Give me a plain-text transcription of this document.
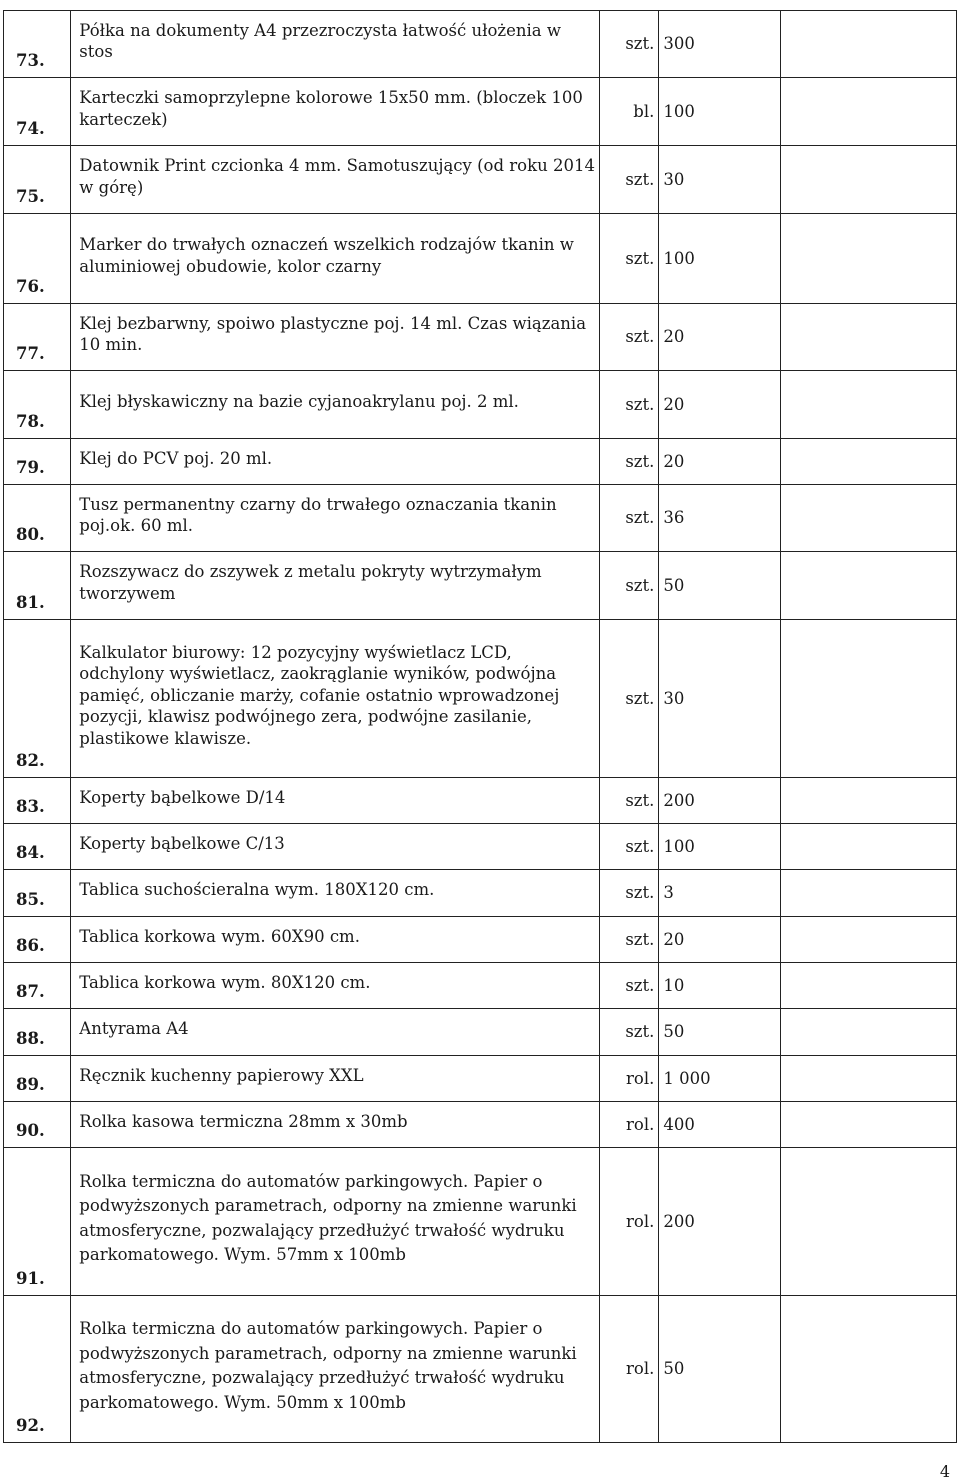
73.	Półka na dokumenty A4 przezroczysta łatwość ułożenia w stos	szt.	300		
74.	Karteczki samoprzylepne kolorowe 15x50 mm. (bloczek 100 karteczek)	bl.	100		
75.	Datownik Print czcionka 4 mm. Samotuszujący (od roku 2014 w górę)	szt.	30		
76.	Marker do trwałych oznaczeń wszelkich rodzajów tkanin w aluminiowej obudowie, kolor czarny	szt.	100		
77.	Klej bezbarwny, spoiwo plastyczne poj. 14 ml. Czas wiązania 10 min.	szt.	20		
78.	Klej błyskawiczny na bazie cyjanoakrylanu poj. 2 ml.	szt.	20		
79.	Klej do PCV poj. 20 ml.	szt.	20		
80.	Tusz permanentny czarny do trwałego oznaczania tkanin poj.ok. 60 ml.	szt.	36		
81.	Rozszywacz do zszywek z metalu pokryty wytrzymałym tworzywem	szt.	50		
82.	Kalkulator biurowy: 12 pozycyjny wyświetlacz LCD, odchylony wyświetlacz, zaokrąglanie wyników, podwójna pamięć, obliczanie marży, cofanie ostatnio wprowadzonej pozycji, klawisz podwójnego zera, podwójne zasilanie, plastikowe klawisze.	szt.	30		
83.	Koperty bąbelkowe D/14	szt.	200		
84.	Koperty bąbelkowe C/13	szt.	100		
85.	Tablica suchościeralna wym. 180X120 cm.	szt.	3		
86.	Tablica korkowa wym. 60X90 cm.	szt.	20		
87.	Tablica korkowa wym. 80X120 cm.	szt.	10		
88.	Antyrama A4	szt.	50		
89.	Ręcznik kuchenny papierowy XXL	rol.	1 000		
90.	Rolka kasowa termiczna 28mm x 30mb	rol.	400		
91.	Rolka termiczna do automatów parkingowych. Papier o podwyższonych parametrach, odporny na zmienne warunki atmosferyczne, pozwalający przedłużyć trwałość wydruku parkomatowego. Wym. 57mm x 100mb	rol.	200		
92.	Rolka termiczna do automatów parkingowych. Papier o podwyższonych parametrach, odporny na zmienne warunki atmosferyczne, pozwalający przedłużyć trwałość wydruku parkomatowego. Wym. 50mm x 100mb	rol.	50		
4
